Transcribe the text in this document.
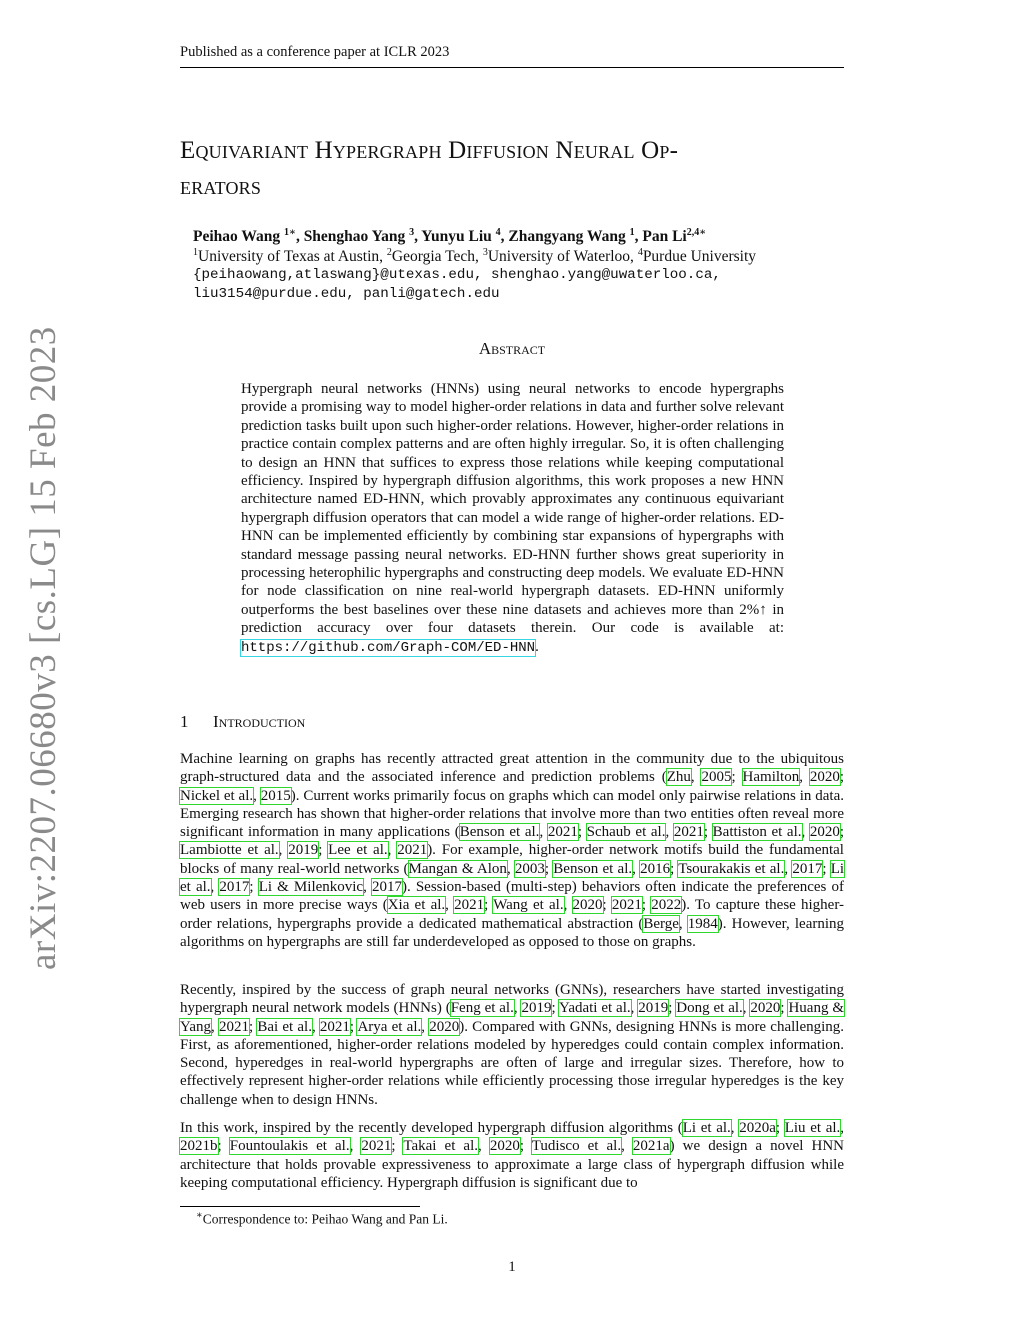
Published as a conference paper at ICLR 2023
arXiv:2207.06680v3 [cs.LG] 15 Feb 2023
Equivariant Hypergraph Diffusion Neural Op-
erators
Peihao Wang $^{1∗}$, Shenghao Yang $^3$, Yunyu Liu $^4$, Zhangyang Wang $^1$, Pan $Li^{2,4∗}$
$^1$University of Texas at Austin, $^2$Georgia Tech, $^3$University of Waterloo, $^4$Purdue University
{peihaowang,atlaswang}@utexas.edu, shenghao.yang@uwaterloo.ca,
liu3154@purdue.edu, panli@gatech.edu
Abstract
Hypergraph neural networks (HNNs) using neural networks to encode hypergraphs provide a promising way to model higher-order relations in data and further solve relevant prediction tasks built upon such higher-order relations. However, higher-order relations in practice contain complex patterns and are often highly irregular. So, it is often challenging to design an HNN that suffices to express those relations while keeping computational efficiency. Inspired by hypergraph diffusion algorithms, this work proposes a new HNN architecture named ED-HNN, which provably approximates any continuous equivariant hypergraph diffusion operators that can model a wide range of higher-order relations. ED-HNN can be implemented efficiently by combining star expansions of hypergraphs with standard message passing neural networks. ED-HNN further shows great superiority in processing heterophilic hypergraphs and constructing deep models. We evaluate ED-HNN for node classification on nine real-world hypergraph datasets. ED-HNN uniformly outperforms the best baselines over these nine datasets and achieves more than 2%↑ in prediction accuracy over four datasets therein. Our code is available at: https://github.com/Graph-COM/ED-HNN.
1 Introduction

Machine learning on graphs has recently attracted great attention in the community due to the ubiquitous graph-structured data and the associated inference and prediction problems (Zhu, 2005; Hamilton, 2020; Nickel et al., 2015). Current works primarily focus on graphs which can model only pairwise relations in data. Emerging research has shown that higher-order relations that involve more than two entities often reveal more significant information in many applications (Benson et al., 2021; Schaub et al., 2021; Battiston et al., 2020; Lambiotte et al., 2019; Lee et al., 2021). For example, higher-order network motifs build the fundamental blocks of many real-world networks (Mangan & Alon, 2003; Benson et al., 2016; Tsourakakis et al., 2017; Li et al., 2017; Li & Milenkovic, 2017). Session-based (multi-step) behaviors often indicate the preferences of web users in more precise ways (Xia et al., 2021; Wang et al., 2020; 2021; 2022). To capture these higher-order relations, hypergraphs provide a dedicated mathematical abstraction (Berge, 1984). However, learning algorithms on hypergraphs are still far underdeveloped as opposed to those on graphs.

Recently, inspired by the success of graph neural networks (GNNs), researchers have started investigating hypergraph neural network models (HNNs) (Feng et al., 2019; Yadati et al., 2019; Dong et al., 2020; Huang & Yang, 2021; Bai et al., 2021; Arya et al., 2020). Compared with GNNs, designing HNNs is more challenging. First, as aforementioned, higher-order relations modeled by hyperedges could contain complex information. Second, hyperedges in real-world hypergraphs are often of large and irregular sizes. Therefore, how to effectively represent higher-order relations while efficiently processing those irregular hyperedges is the key challenge when to design HNNs.

In this work, inspired by the recently developed hypergraph diffusion algorithms (Li et al., 2020a; Liu et al., 2021b; Fountoulakis et al., 2021; Takai et al., 2020; Tudisco et al., 2021a) we design a novel HNN architecture that holds provable expressiveness to approximate a large class of hypergraph diffusion while keeping computational efficiency. Hypergraph diffusion is significant due to

∗Correspondence to: Peihao Wang and Pan Li.
1
